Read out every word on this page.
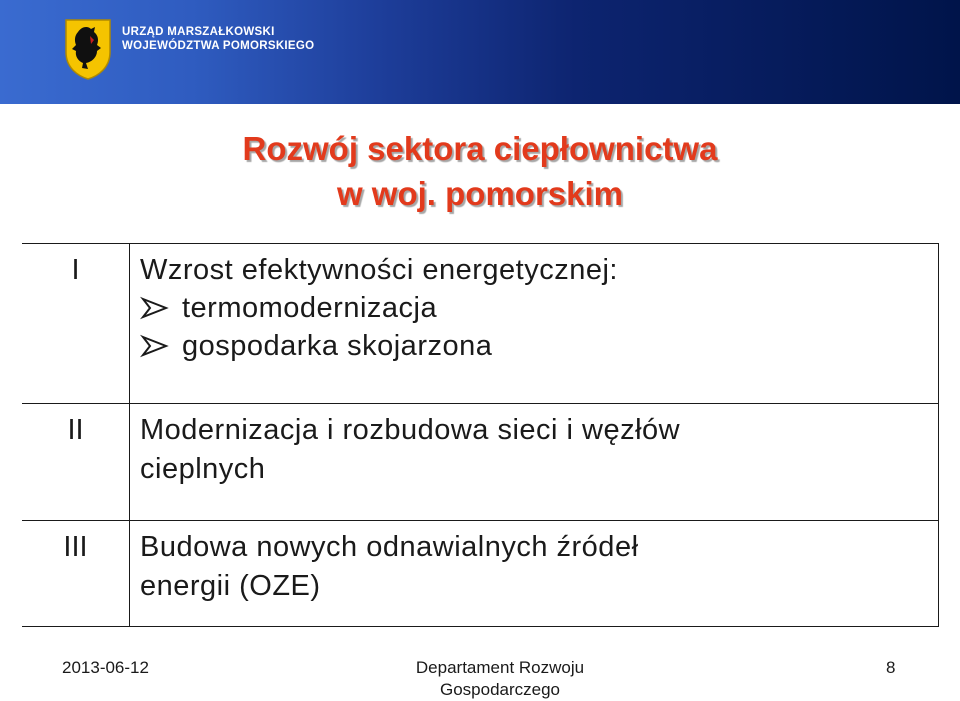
URZĄD MARSZAŁKOWSKI
WOJEWÓDZTWA POMORSKIEGO
Rozwój sektora ciepłownictwa
w woj. pomorskim
I	Wzrost efektywności energetycznej:
termomodernizacja
gospodarka skojarzona

II	Modernizacja i rozbudowa sieci i węzłów
cieplnych

III	Budowa nowych odnawialnych źródeł
energii (OZE)
2013-06-12	Departament Rozwoju
Gospodarczego
8
